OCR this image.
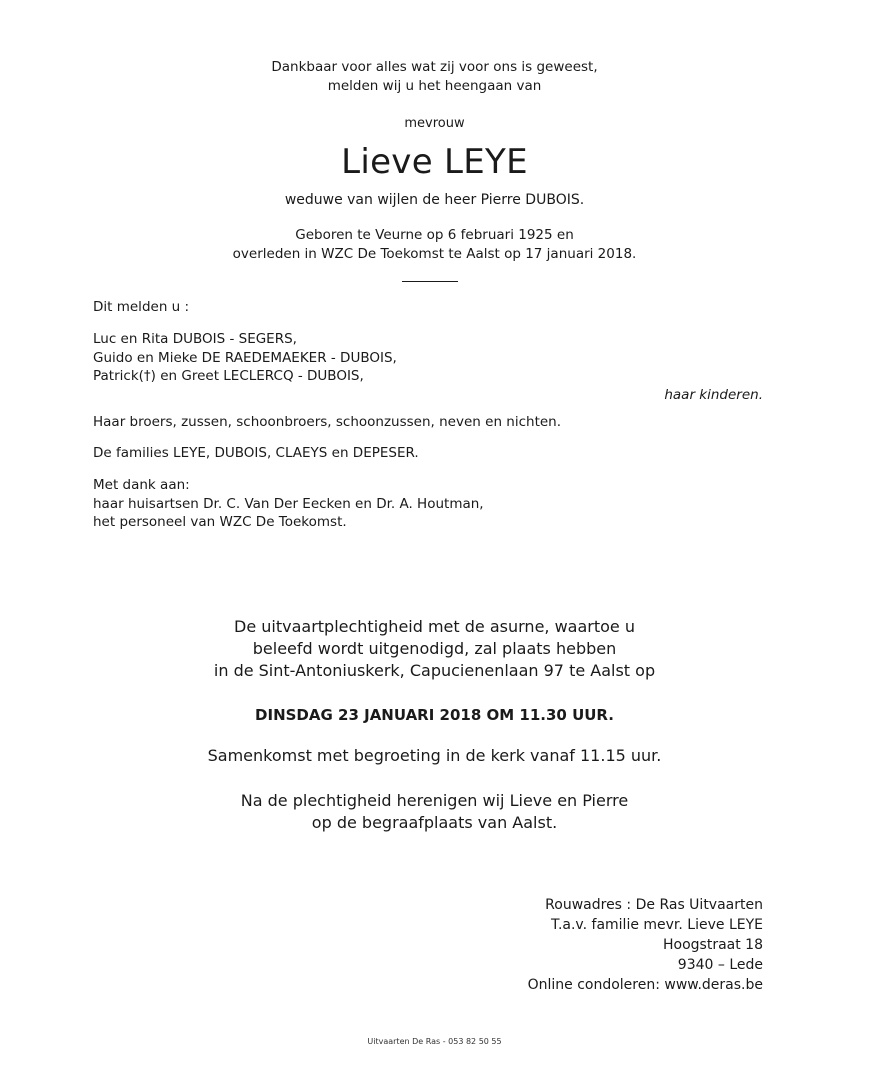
Dankbaar voor alles wat zij voor ons is geweest,
melden wij u het heengaan van
mevrouw
Lieve LEYE
weduwe van wijlen de heer Pierre DUBOIS.
Geboren te Veurne op 6 februari 1925 en
overleden in WZC De Toekomst te Aalst op 17 januari 2018.
Dit melden u :
Luc en Rita DUBOIS - SEGERS,
Guido en Mieke DE RAEDEMAEKER - DUBOIS,
Patrick(†) en Greet LECLERCQ - DUBOIS,
haar kinderen.
Haar broers, zussen, schoonbroers, schoonzussen, neven en nichten.
De families LEYE, DUBOIS, CLAEYS en DEPESER.
Met dank aan:
haar huisartsen Dr. C. Van Der Eecken en Dr. A. Houtman,
het personeel van WZC De Toekomst.
De uitvaartplechtigheid met de asurne, waartoe u
beleefd wordt uitgenodigd, zal plaats hebben
in de Sint-Antoniuskerk, Capucienenlaan 97 te Aalst op
DINSDAG 23 JANUARI 2018 OM 11.30 UUR.
Samenkomst met begroeting in de kerk vanaf 11.15 uur.
Na de plechtigheid herenigen wij Lieve en Pierre
op de begraafplaats van Aalst.
Rouwadres : De Ras Uitvaarten
T.a.v. familie mevr. Lieve LEYE
Hoogstraat 18
9340 – Lede
Online condoleren: www.deras.be
Uitvaarten De Ras - 053 82 50 55
